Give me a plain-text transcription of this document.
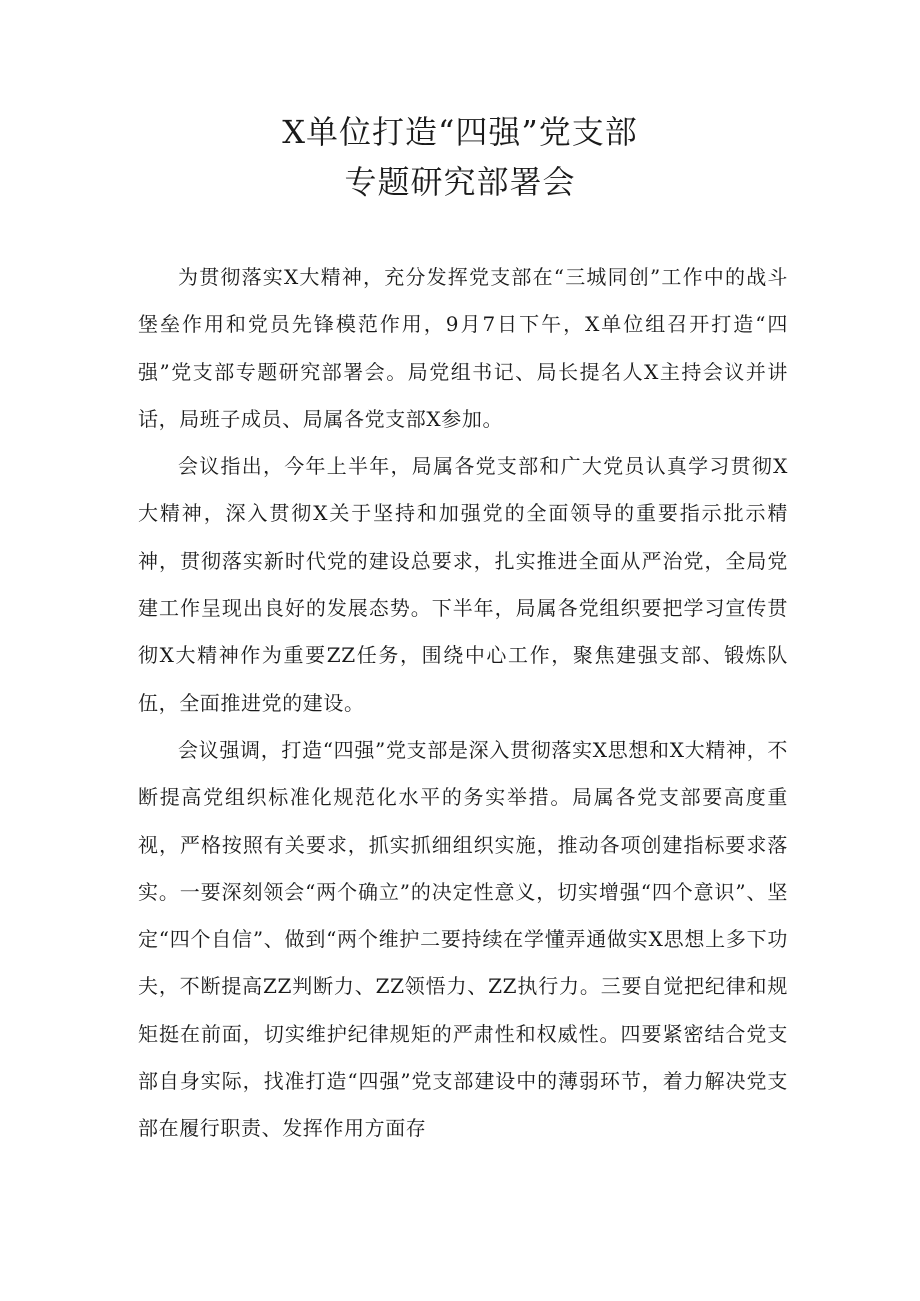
X单位打造“四强”党支部
专题研究部署会

为贯彻落实X大精神，充分发挥党支部在“三城同创”工作中的战斗堡垒作用和党员先锋模范作用，9月7日下午，X单位组召开打造“四强”党支部专题研究部署会。局党组书记、局长提名人X主持会议并讲话，局班子成员、局属各党支部X参加。

会议指出，今年上半年，局属各党支部和广大党员认真学习贯彻X大精神，深入贯彻X关于坚持和加强党的全面领导的重要指示批示精神，贯彻落实新时代党的建设总要求，扎实推进全面从严治党，全局党建工作呈现出良好的发展态势。下半年，局属各党组织要把学习宣传贯彻X大精神作为重要ZZ任务，围绕中心工作，聚焦建强支部、锻炼队伍，全面推进党的建设。

会议强调，打造“四强”党支部是深入贯彻落实X思想和X大精神，不断提高党组织标准化规范化水平的务实举措。局属各党支部要高度重视，严格按照有关要求，抓实抓细组织实施，推动各项创建指标要求落实。一要深刻领会“两个确立”的决定性意义，切实增强“四个意识”、坚定“四个自信”、做到“两个维护二要持续在学懂弄通做实X思想上多下功夫，不断提高ZZ判断力、ZZ领悟力、ZZ执行力。三要自觉把纪律和规矩挺在前面，切实维护纪律规矩的严肃性和权威性。四要紧密结合党支部自身实际，找准打造“四强”党支部建设中的薄弱环节，着力解决党支部在履行职责、发挥作用方面存
